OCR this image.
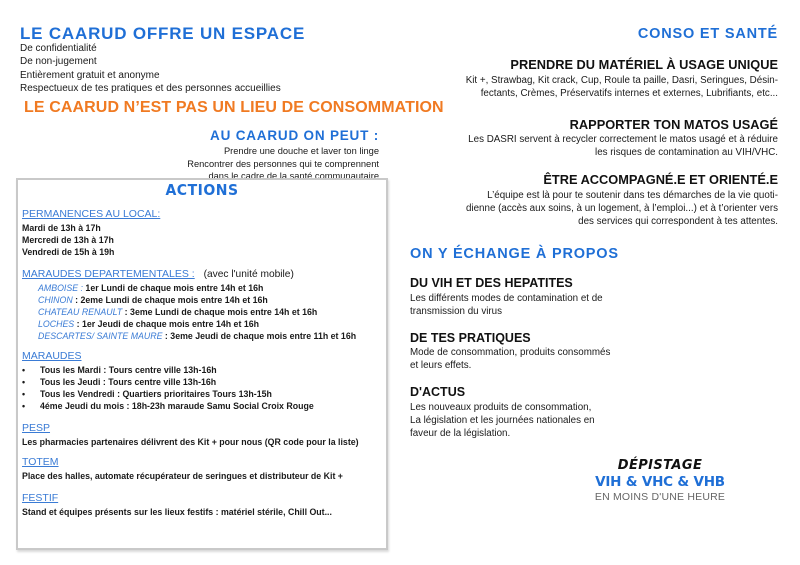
LE CAARUD OFFRE UN ESPACE
De confidentialité
De non-jugement
Entièrement gratuit et anonyme
Respectueux de tes pratiques et des personnes accueillies
LE CAARUD N’EST PAS UN LIEU DE CONSOMMATION
AU CAARUD ON PEUT :
Prendre une douche et laver ton linge
Rencontrer des personnes qui te comprennent
dans le cadre de la santé communautaire
ACTIONS
PERMANENCES AU LOCAL:
Mardi de 13h à 17h
Mercredi de 13h à 17h
Vendredi de 15h à 19h
MARAUDES DEPARTEMENTALES : (avec l'unité mobile)
AMBOISE : 1er Lundi de chaque mois entre 14h et 16h
CHINON : 2eme Lundi de chaque mois entre 14h et 16h
CHATEAU RENAULT : 3eme Lundi de chaque mois entre 14h et 16h
LOCHES : 1er Jeudi de chaque mois entre 14h et 16h
DESCARTES/ SAINTE MAURE : 3eme Jeudi de chaque mois entre 11h et 16h
MARAUDES
• Tous les Mardi : Tours centre ville 13h-16h
• Tous les Jeudi : Tours centre ville 13h-16h
• Tous les Vendredi : Quartiers prioritaires Tours 13h-15h
• 4éme Jeudi du mois : 18h-23h maraude Samu Social Croix Rouge
PESP
Les pharmacies partenaires délivrent des Kit + pour nous (QR code pour la liste)
TOTEM
Place des halles, automate récupérateur de seringues et distributeur de Kit +
FESTIF
Stand et équipes présents sur les lieux festifs : matériel stérile, Chill Out...
CONSO ET SANTÉ
PRENDRE DU MATÉRIEL À USAGE UNIQUE
Kit +, Strawbag, Kit crack, Cup, Roule ta paille, Dasri, Seringues, Désin-
fectants, Crèmes, Préservatifs internes et externes, Lubrifiants, etc...
RAPPORTER TON MATOS USAGÉ
Les DASRI servent à recycler correctement le matos usagé et à réduire
les risques de contamination au VIH/VHC.
ÊTRE ACCOMPAGNÉ.E ET ORIENTÉ.E
L’équipe est là pour te soutenir dans tes démarches de la vie quoti-
dienne (accès aux soins, à un logement, à l’emploi...) et à t’orienter vers
des services qui correspondent à tes attentes.
ON Y ÉCHANGE À PROPOS
DU VIH ET DES HEPATITES
Les différents modes de contamination et de
transmission du virus
DE TES PRATIQUES
Mode de consommation, produits consommés
et leurs effets.
D'ACTUS
Les nouveaux produits de consommation,
La législation et les journées nationales en
faveur de la législation.
DÉPISTAGE
VIH & VHC & VHB
EN MOINS D'UNE HEURE
